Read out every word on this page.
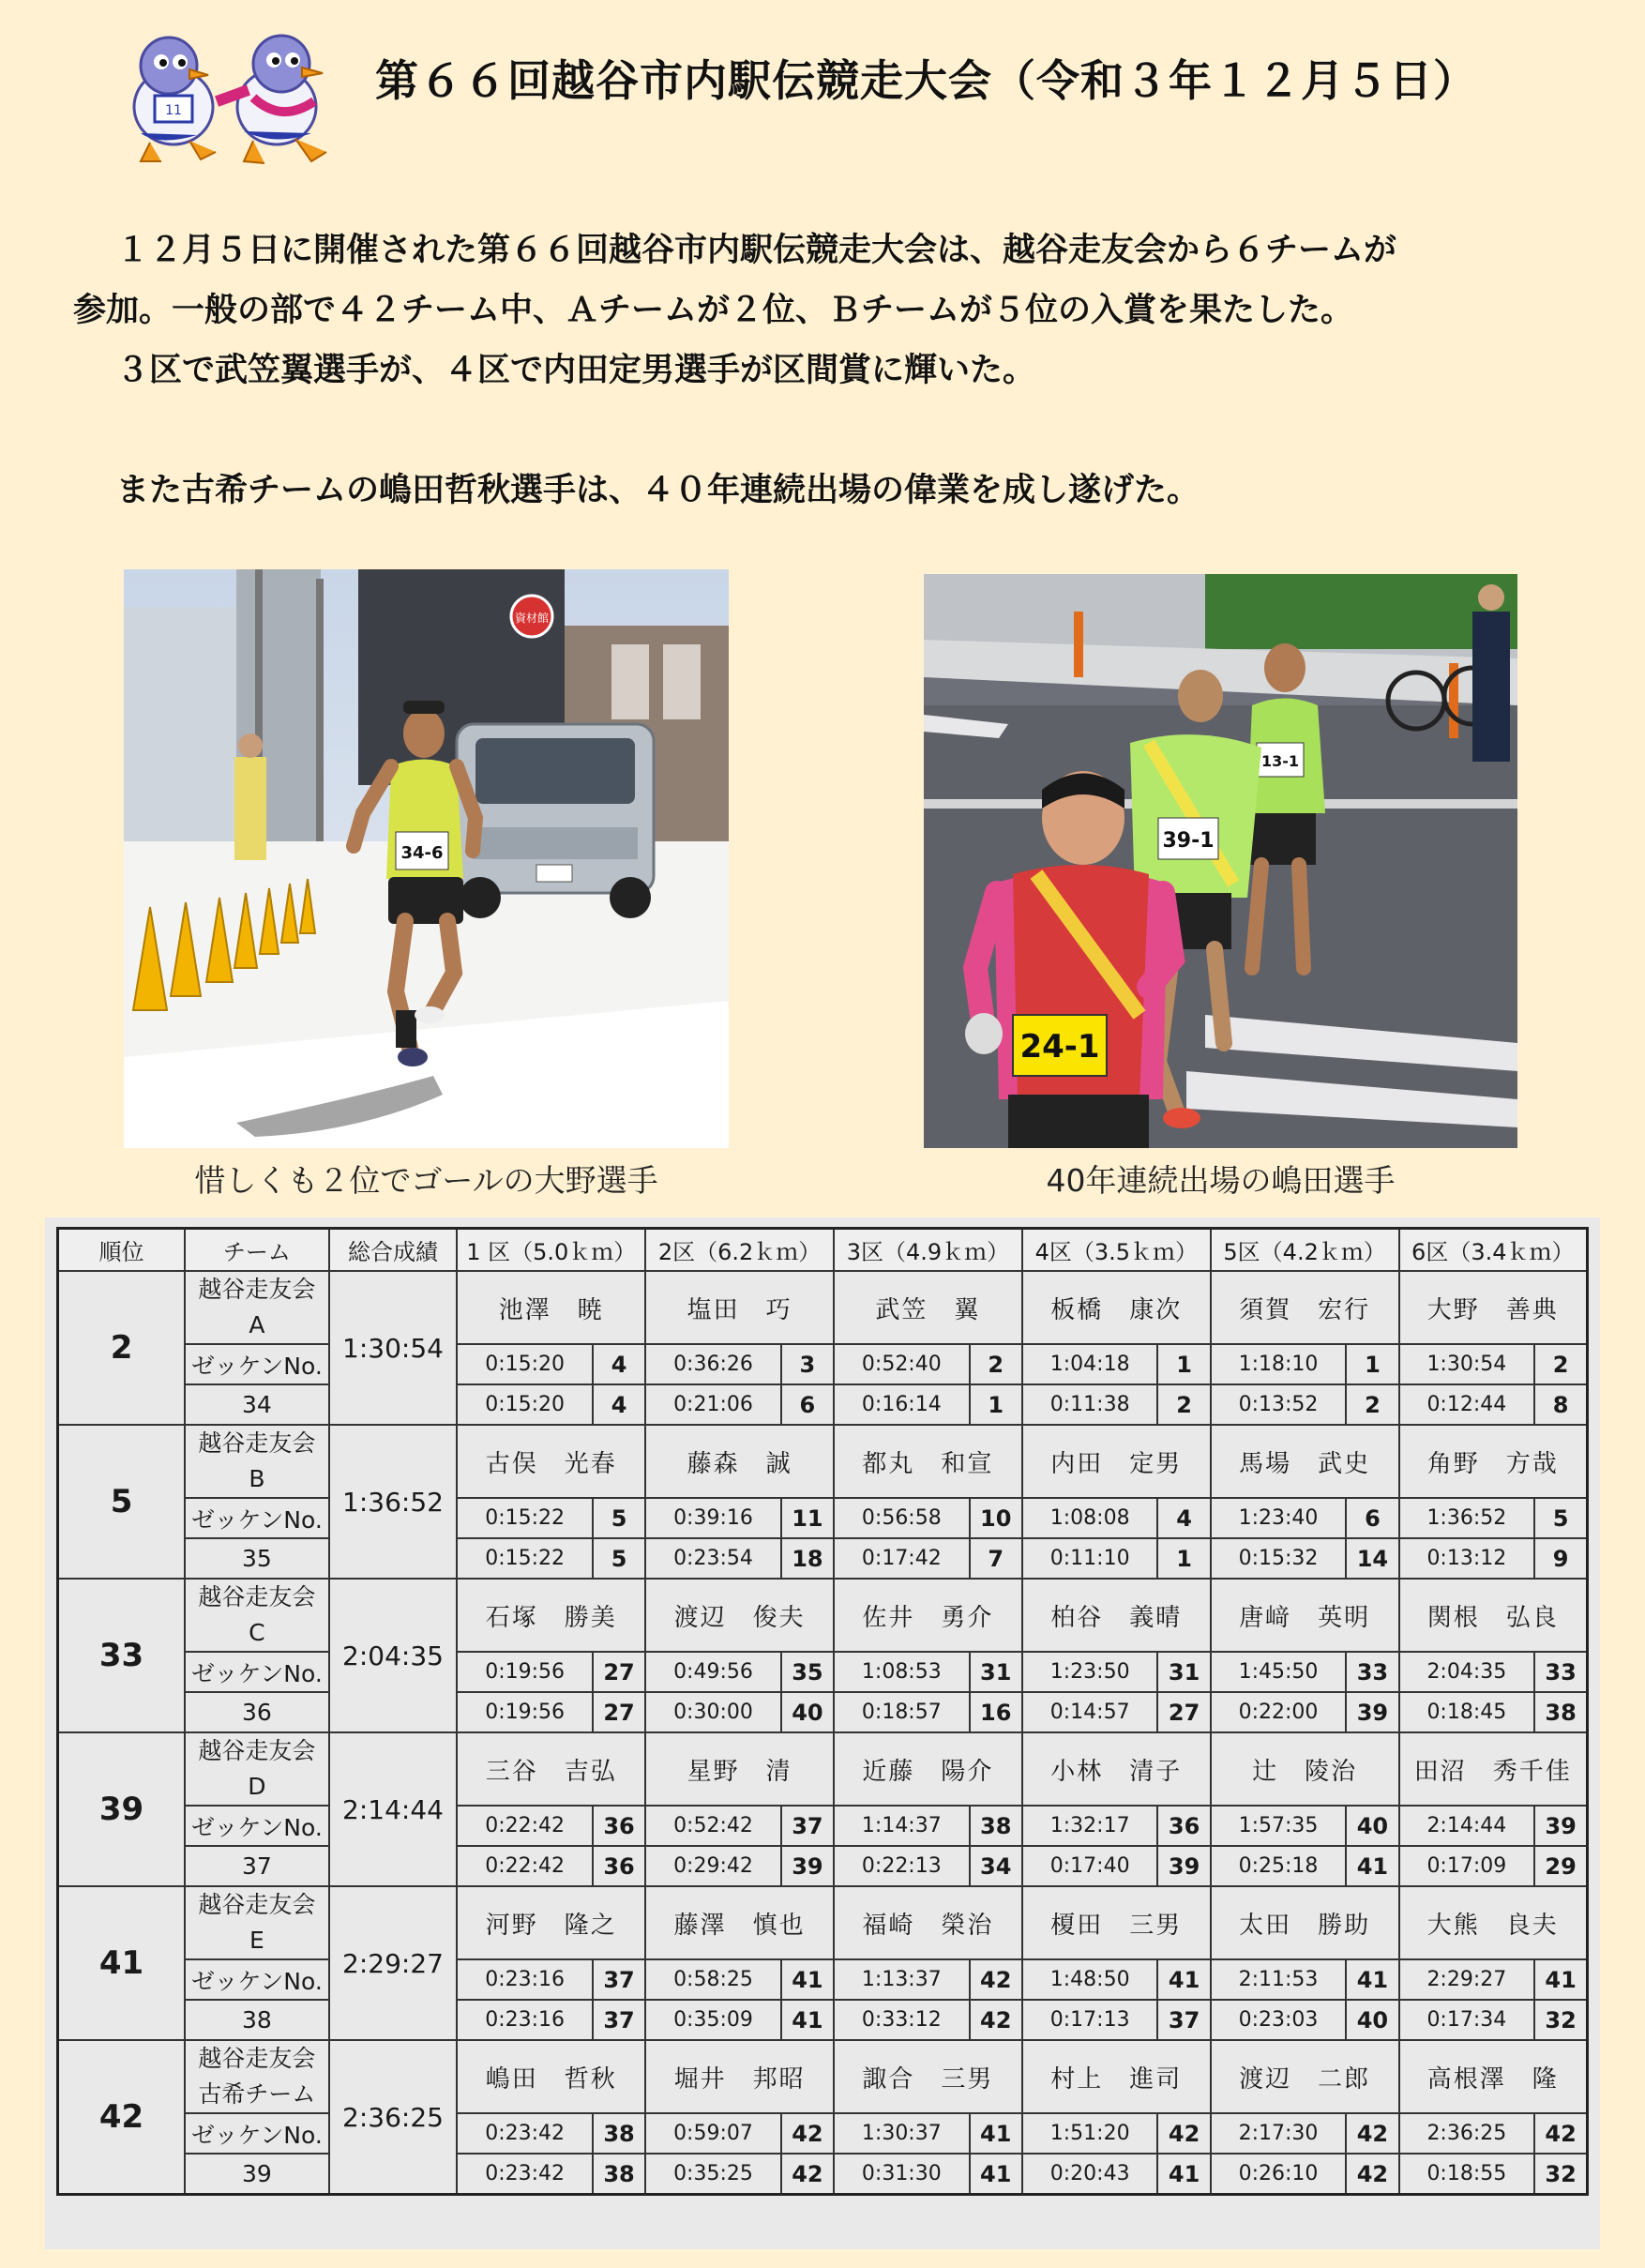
11
第６６回越谷市内駅伝競走大会（令和３年１２月５日）

１２月５日に開催された第６６回越谷市内駅伝競走大会は、越谷走友会から６チームが

参加。一般の部で４２チーム中、Ａチームが２位、Ｂチームが５位の入賞を果たした。

３区で武笠翼選手が、４区で内田定男選手が区間賞に輝いた。

また古希チームの嶋田哲秋選手は、４０年連続出場の偉業を成し遂げた。

資材館
34-6
13-1
39-1
24-1
惜しくも２位でゴールの大野選手	40年連続出場の嶋田選手
順位	チーム	総合成績	1 区（5.0ｋｍ）		2区（6.2ｋｍ）		3区（4.9ｋｍ）		4区（3.5ｋｍ）		5区（4.2ｋｍ）		6区（3.4ｋｍ）	
2	越谷走友会
A	1:30:54	池澤　暁		塩田　巧		武笠　翼		板橋　康次		須賀　宏行		大野　善典	
	ゼッケンNo.		0:15:20	4	0:36:26	3	0:52:40	2	1:04:18	1	1:18:10	1	1:30:54	2
	34		0:15:20	4	0:21:06	6	0:16:14	1	0:11:38	2	0:13:52	2	0:12:44	8
5	越谷走友会
B	1:36:52	古俣　光春		藤森　誠		都丸　和宣		内田　定男		馬場　武史		角野　方哉	
	ゼッケンNo.		0:15:22	5	0:39:16	11	0:56:58	10	1:08:08	4	1:23:40	6	1:36:52	5
	35		0:15:22	5	0:23:54	18	0:17:42	7	0:11:10	1	0:15:32	14	0:13:12	9
33	越谷走友会
C	2:04:35	石塚　勝美		渡辺　俊夫		佐井　勇介		柏谷　義晴		唐﨑　英明		関根　弘良	
	ゼッケンNo.		0:19:56	27	0:49:56	35	1:08:53	31	1:23:50	31	1:45:50	33	2:04:35	33
	36		0:19:56	27	0:30:00	40	0:18:57	16	0:14:57	27	0:22:00	39	0:18:45	38
39	越谷走友会
D	2:14:44	三谷　吉弘		星野　清		近藤　陽介		小林　清子		辻　陵治		田沼　秀千佳	
	ゼッケンNo.		0:22:42	36	0:52:42	37	1:14:37	38	1:32:17	36	1:57:35	40	2:14:44	39
	37		0:22:42	36	0:29:42	39	0:22:13	34	0:17:40	39	0:25:18	41	0:17:09	29
41	越谷走友会
E	2:29:27	河野　隆之		藤澤　慎也		福崎　榮治		榎田　三男		太田　勝助		大熊　良夫	
	ゼッケンNo.		0:23:16	37	0:58:25	41	1:13:37	42	1:48:50	41	2:11:53	41	2:29:27	41
	38		0:23:16	37	0:35:09	41	0:33:12	42	0:17:13	37	0:23:03	40	0:17:34	32
42	越谷走友会
古希チーム	2:36:25	嶋田　哲秋		堀井　邦昭		諏合　三男		村上　進司		渡辺　二郎		高根澤　隆	
	ゼッケンNo.		0:23:42	38	0:59:07	42	1:30:37	41	1:51:20	42	2:17:30	42	2:36:25	42
	39		0:23:42	38	0:35:25	42	0:31:30	41	0:20:43	41	0:26:10	42	0:18:55	32
